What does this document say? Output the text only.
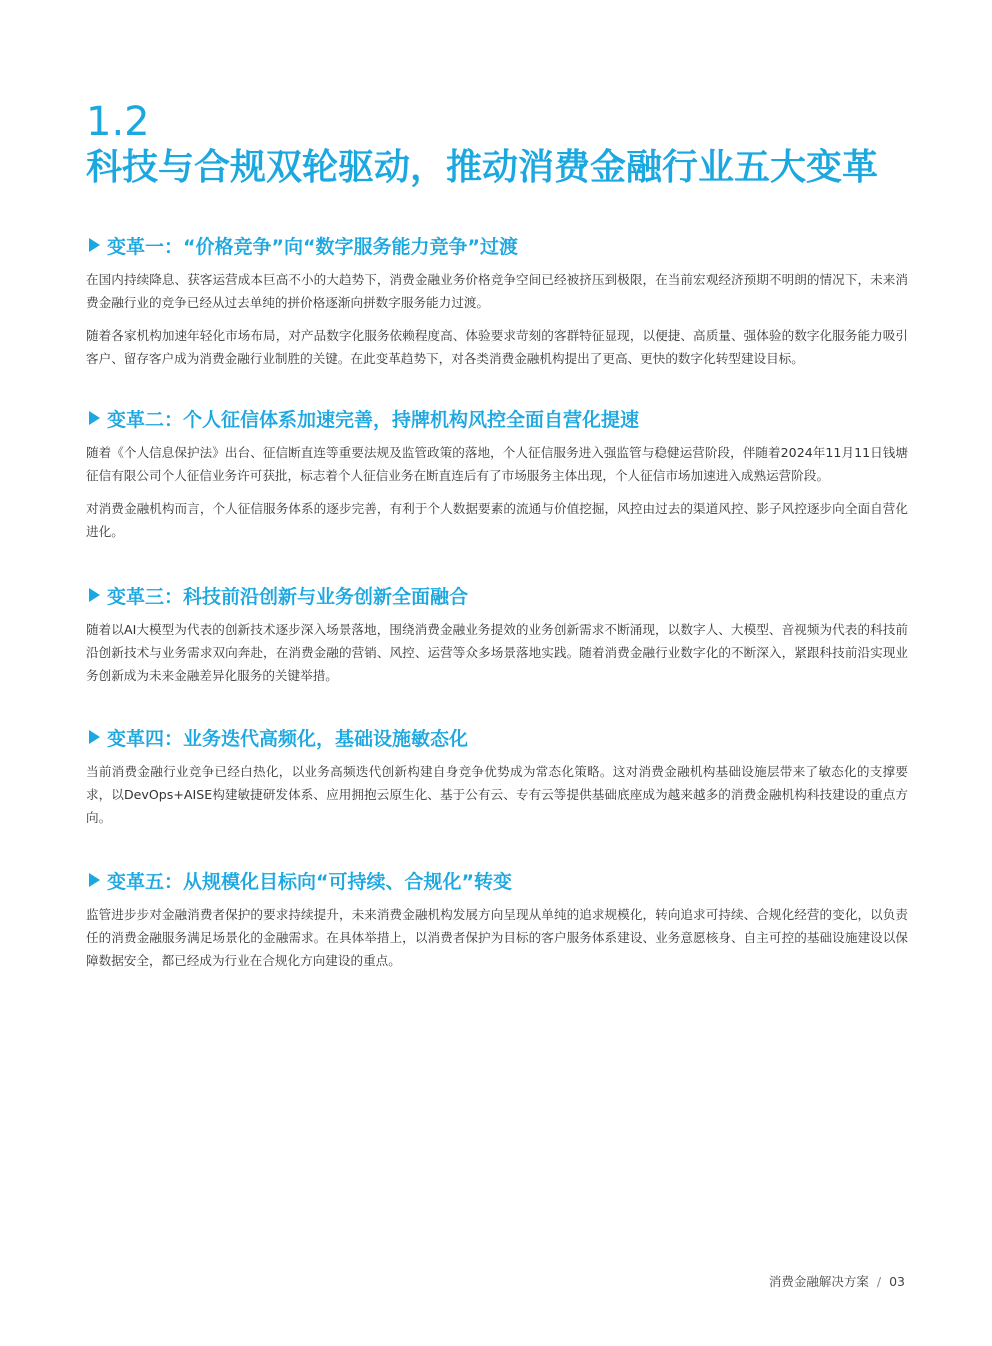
1.2
科技与合规双轮驱动，推动消费金融行业五大变革
变革一：“价格竞争”向“数字服务能力竞争”过渡

在国内持续降息、获客运营成本巨高不小的大趋势下，消费金融业务价格竞争空间已经被挤压到极限，在当前宏观经济预期不明朗的情况下，未来消费金融行业的竞争已经从过去单纯的拼价格逐渐向拼数字服务能力过渡。

随着各家机构加速年轻化市场布局，对产品数字化服务依赖程度高、体验要求苛刻的客群特征显现，以便捷、高质量、强体验的数字化服务能力吸引客户、留存客户成为消费金融行业制胜的关键。在此变革趋势下，对各类消费金融机构提出了更高、更快的数字化转型建设目标。

变革二：个人征信体系加速完善，持牌机构风控全面自营化提速

随着《个人信息保护法》出台、征信断直连等重要法规及监管政策的落地，个人征信服务进入强监管与稳健运营阶段，伴随着2024年11月11日钱塘征信有限公司个人征信业务许可获批，标志着个人征信业务在断直连后有了市场服务主体出现，个人征信市场加速进入成熟运营阶段。

对消费金融机构而言，个人征信服务体系的逐步完善，有利于个人数据要素的流通与价值挖掘，风控由过去的渠道风控、影子风控逐步向全面自营化进化。

变革三：科技前沿创新与业务创新全面融合

随着以AI大模型为代表的创新技术逐步深入场景落地，围绕消费金融业务提效的业务创新需求不断涌现，以数字人、大模型、音视频为代表的科技前沿创新技术与业务需求双向奔赴，在消费金融的营销、风控、运营等众多场景落地实践。随着消费金融行业数字化的不断深入，紧跟科技前沿实现业务创新成为未来金融差异化服务的关键举措。

变革四：业务迭代高频化，基础设施敏态化

当前消费金融行业竞争已经白热化，以业务高频迭代创新构建自身竞争优势成为常态化策略。这对消费金融机构基础设施层带来了敏态化的支撑要求，以DevOps+AISE构建敏捷研发体系、应用拥抱云原生化、基于公有云、专有云等提供基础底座成为越来越多的消费金融机构科技建设的重点方向。

变革五：从规模化目标向“可持续、合规化”转变

监管进步步对金融消费者保护的要求持续提升，未来消费金融机构发展方向呈现从单纯的追求规模化，转向追求可持续、合规化经营的变化，以负责任的消费金融服务满足场景化的金融需求。在具体举措上，以消费者保护为目标的客户服务体系建设、业务意愿核身、自主可控的基础设施建设以保障数据安全，都已经成为行业在合规化方向建设的重点。

消费金融解决方案 / 03
